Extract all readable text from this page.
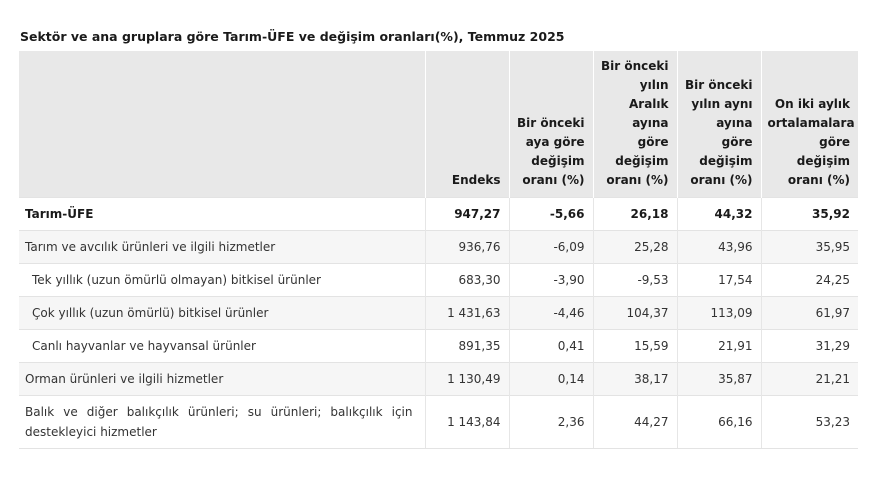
Sektör ve ana gruplara göre Tarım-ÜFE ve değişim oranları(%), Temmuz 2025
	Endeks	Bir önceki aya göre değişim oranı (%)	Bir önceki yılın Aralık ayına göre değişim oranı (%)	Bir önceki yılın aynı ayına göre değişim oranı (%)	On iki aylık ortalamalara göre değişim oranı (%)
Tarım-ÜFE	947,27	-5,66	26,18	44,32	35,92
Tarım ve avcılık ürünleri ve ilgili hizmetler	936,76	-6,09	25,28	43,96	35,95
Tek yıllık (uzun ömürlü olmayan) bitkisel ürünler	683,30	-3,90	-9,53	17,54	24,25
Çok yıllık (uzun ömürlü) bitkisel ürünler	1 431,63	-4,46	104,37	113,09	61,97
Canlı hayvanlar ve hayvansal ürünler	891,35	0,41	15,59	21,91	31,29
Orman ürünleri ve ilgili hizmetler	1 130,49	0,14	38,17	35,87	21,21
Balık ve diğer balıkçılık ürünleri; su ürünleri; balıkçılık için destekleyici hizmetler	1 143,84	2,36	44,27	66,16	53,23
